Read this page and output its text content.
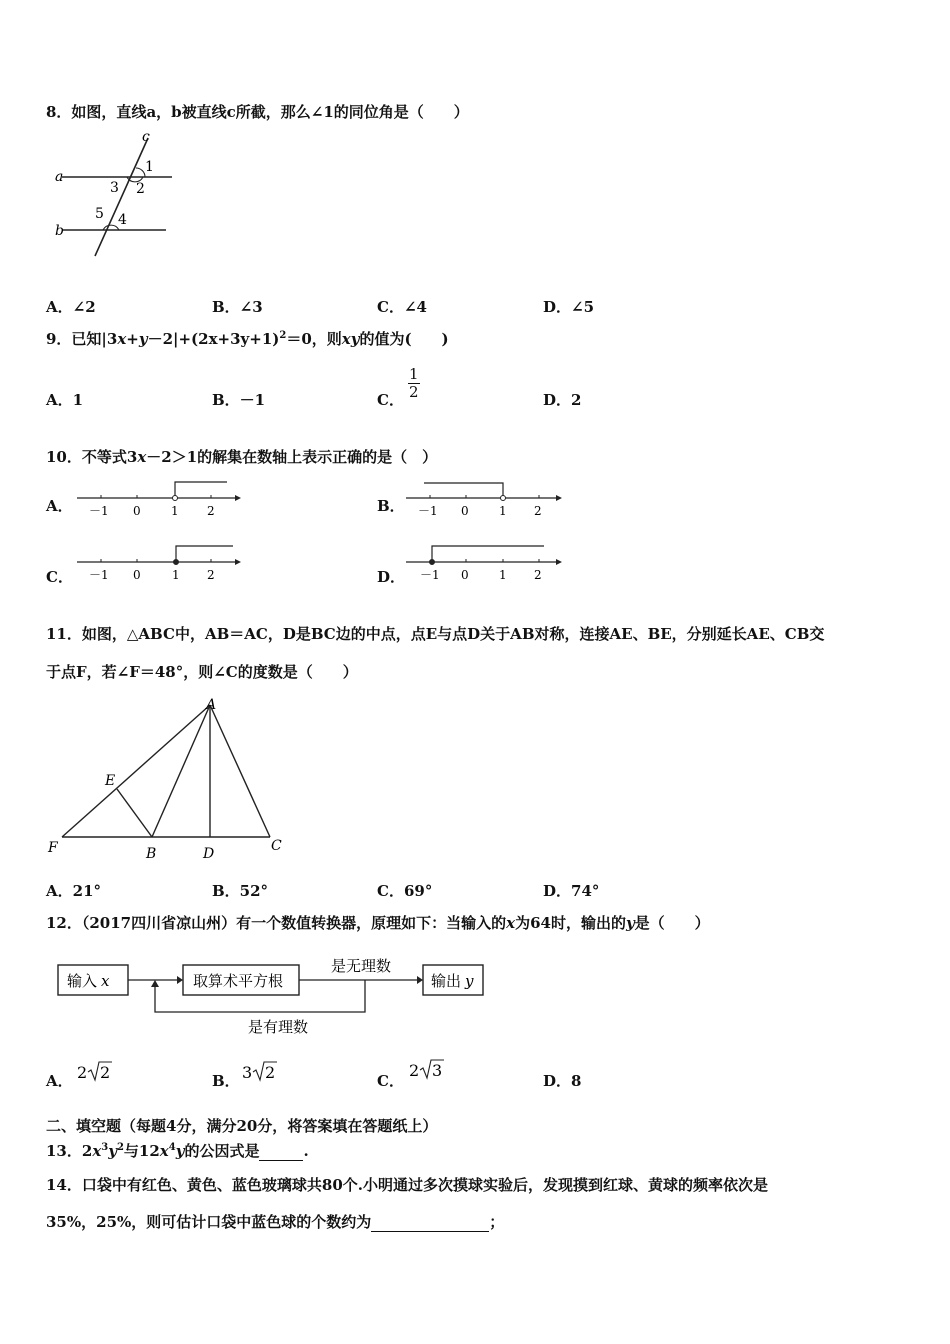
8．如图，直线a，b被直线c所截，那么∠1的同位角是（　　）
c
a
b
1
3 2
5 4
A．∠2	B．∠3	C．∠4	D．∠5
9．已知$|3x+y-2|+(2x+3y+1)^2=0$，则xy的值为(　　)
A．1	B．－1	C． $\frac{1}{2}$	D．2
10．不等式3x－2＞1的解集在数轴上表示正确的是（　）
A． －1 0	1 2	B． －1 0	1 2
C． －1 0	1 2	D． －1 0	1 2
11．如图，△ABC中，AB＝AC，D是BC边的中点，点E与点D关于AB对称，连接AE、BE，分别延长AE、CB交
于点F，若∠F＝48°，则∠C的度数是（　　）
A
E
F	B	D	C
A．21°	B．52°	C．69°	D．74°
12．（2017四川省凉山州）有一个数值转换器，原理如下：当输入的x为64时，输出的y是（　　）
输入 x	取算术平方根
是无理数
输出 y
是有理数
A． 2 2	B． 3 2	C．
2 3
D．8
二、填空题（每题4分，满分20分，将答案填在答题纸上）
13．$2x^3y^2$与$12x^4y$的公因式是	.
14．口袋中有红色、黄色、蓝色玻璃球共80个.小明通过多次摸球实验后，发现摸到红球、黄球的频率依次是
35%，25%，则可估计口袋中蓝色球的个数约为	；
